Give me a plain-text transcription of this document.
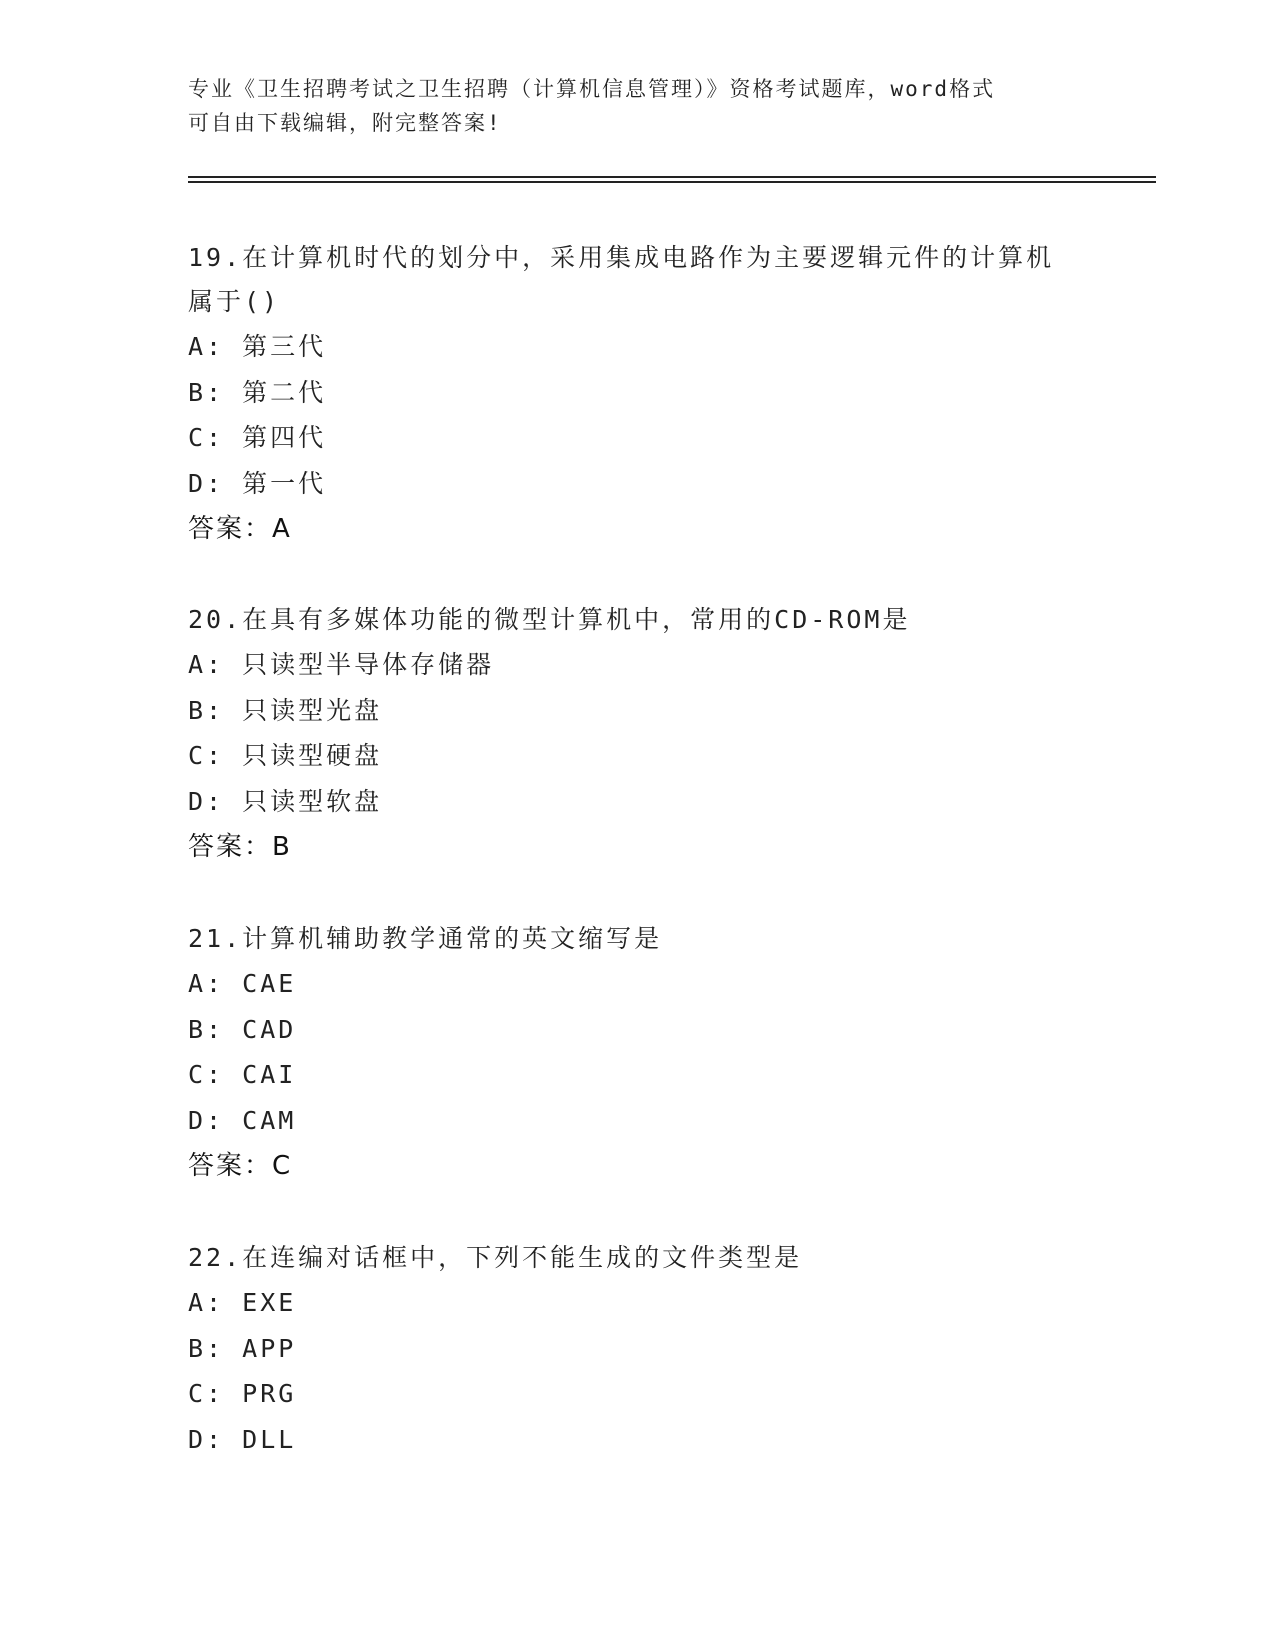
专业《卫生招聘考试之卫生招聘（计算机信息管理）》资格考试题库，word格式
可自由下载编辑，附完整答案!

19.在计算机时代的划分中，采用集成电路作为主要逻辑元件的计算机

属于()

A: 第三代

B: 第二代

C: 第四代

D: 第一代

答案：A

20.在具有多媒体功能的微型计算机中，常用的CD-ROM是

A: 只读型半导体存储器

B: 只读型光盘

C: 只读型硬盘

D: 只读型软盘

答案：B

21.计算机辅助教学通常的英文缩写是

A: CAE

B: CAD

C: CAI

D: CAM

答案：C

22.在连编对话框中，下列不能生成的文件类型是

A: EXE

B: APP

C: PRG

D: DLL
